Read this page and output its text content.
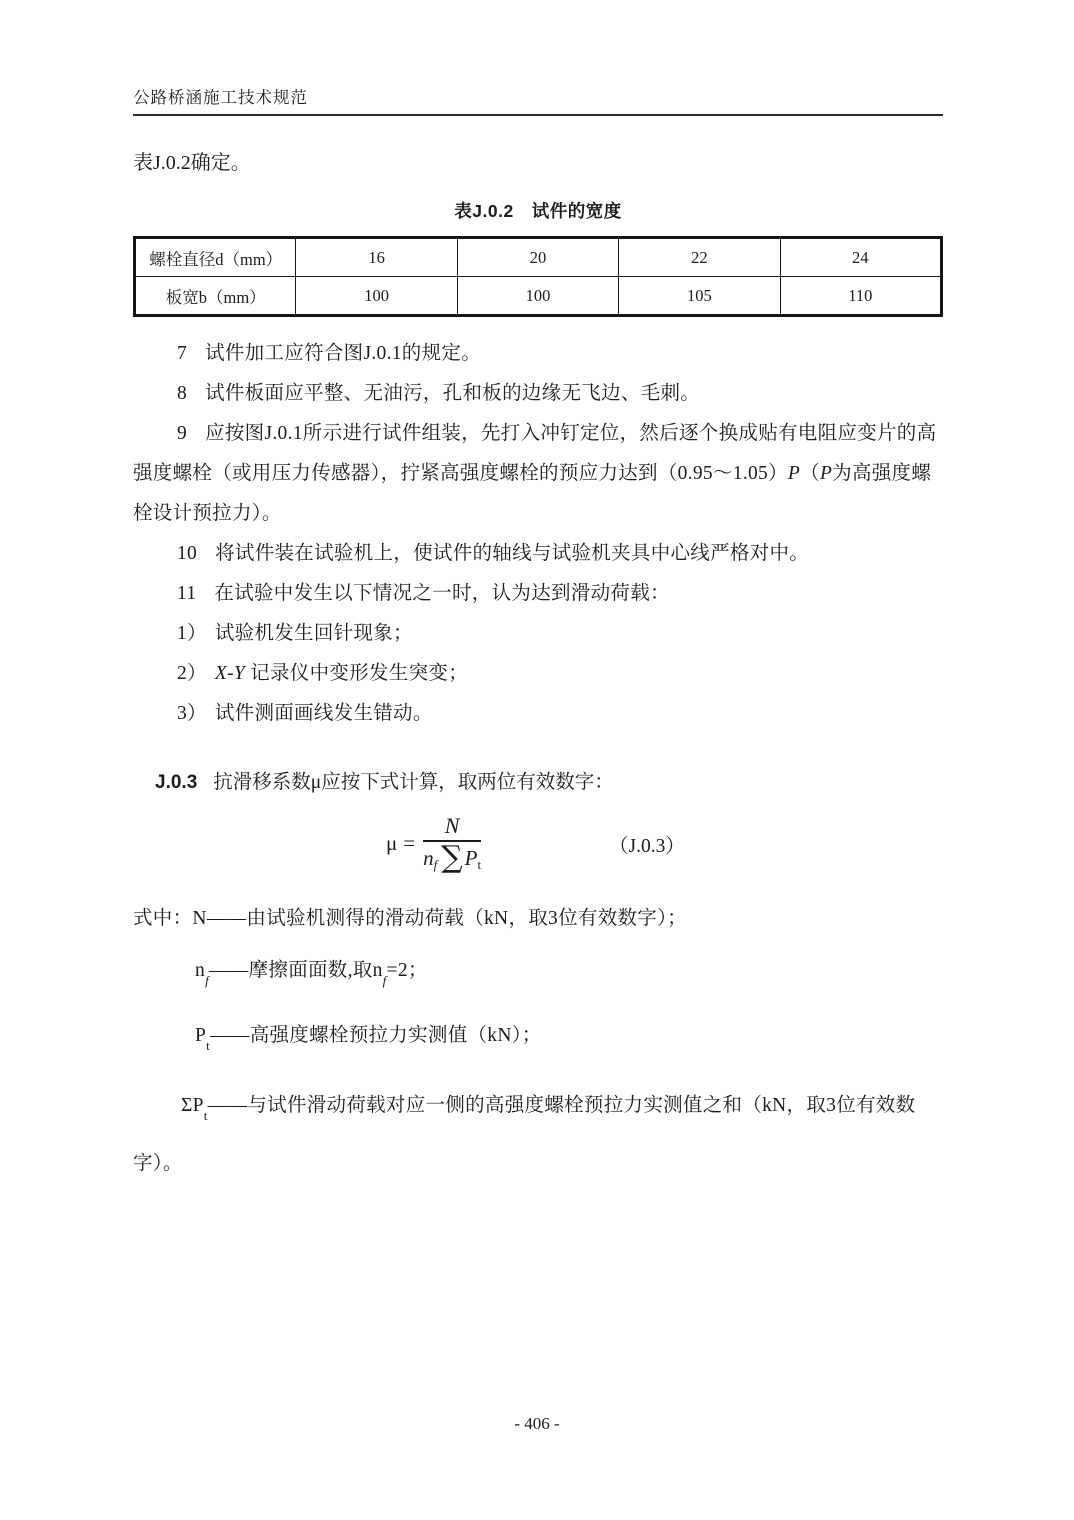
公路桥涵施工技术规范

表J.0.2确定。

表J.0.2　试件的宽度
螺栓直径d（mm）	16	20	22	24
板宽b（mm）	100	100	105	110

7 试件加工应符合图J.0.1的规定。

8 试件板面应平整、无油污，孔和板的边缘无飞边、毛刺。

9 应按图J.0.1所示进行试件组装，先打入冲钉定位，然后逐个换成贴有电阻应变片的高强度螺栓（或用压力传感器），拧紧高强度螺栓的预应力达到（0.95～1.05）P（P为高强度螺栓设计预拉力）。

10 将试件装在试验机上，使试件的轴线与试验机夹具中心线严格对中。

11 在试验中发生以下情况之一时，认为达到滑动荷载：

1） 试验机发生回针现象；

2） X-Y 记录仪中变形发生突变；

3） 试件测面画线发生错动。

J.0.3 抗滑移系数μ应按下式计算，取两位有效数字：

$\mu = \frac{N}{n_f \sum P_t}$	（J.0.3）

式中：N——由试验机测得的滑动荷载（kN，取3位有效数字）；

$n_f——$摩擦面面数,取$n_f=2$；

$P_t——$高强度螺栓预拉力实测值（kN）；

$\Sigma P_t——$与试件滑动荷载对应一侧的高强度螺栓预拉力实测值之和（kN，取3位有效数字）。

- 406 -
